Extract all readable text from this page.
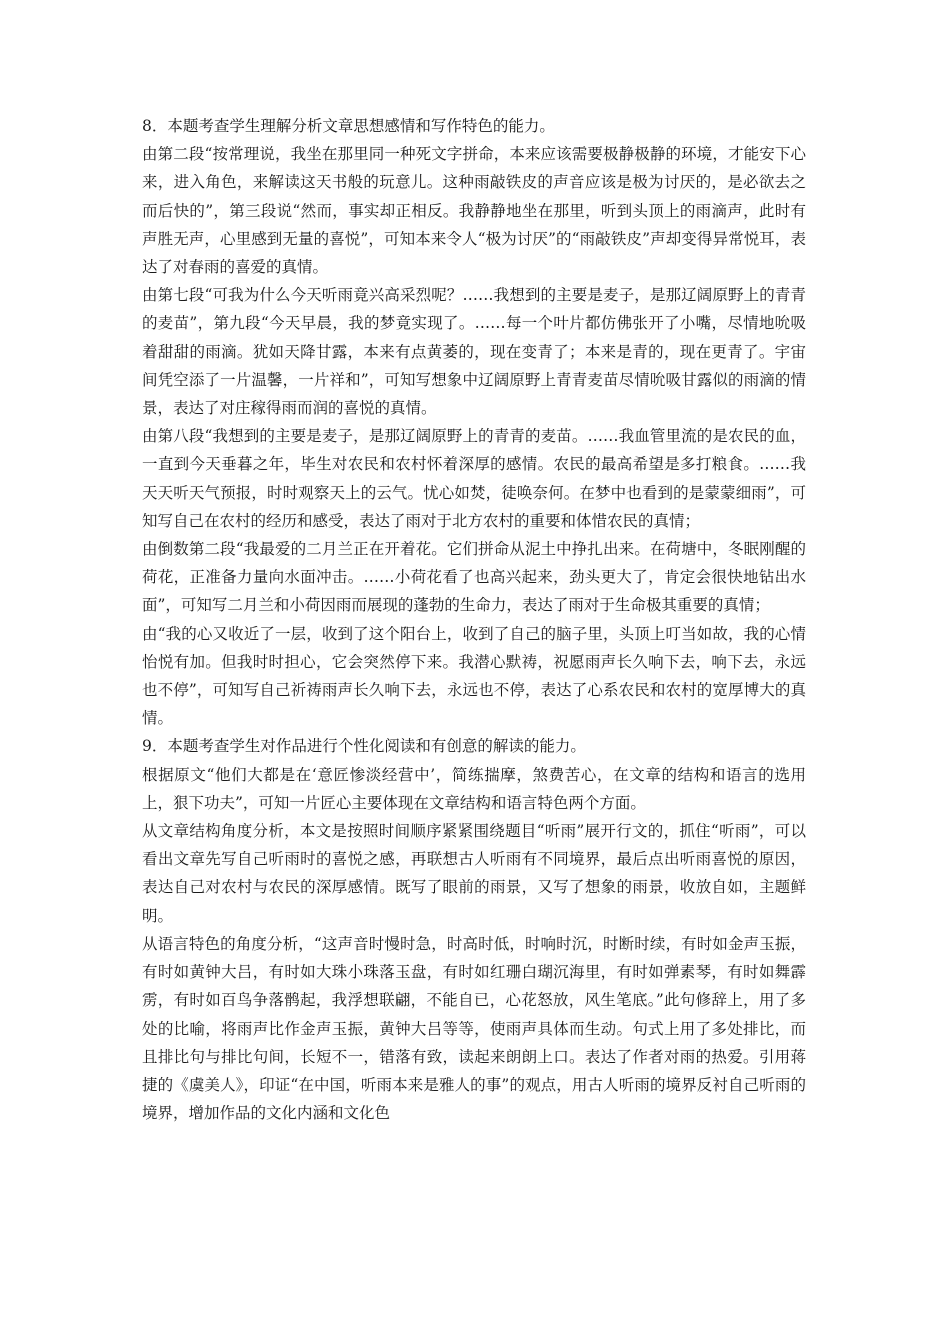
8．本题考查学生理解分析文章思想感情和写作特色的能力。

由第二段“按常理说，我坐在那里同一种死文字拼命，本来应该需要极静极静的环境，才能安下心来，进入角色，来解读这天书般的玩意儿。这种雨敲铁皮的声音应该是极为讨厌的，是必欲去之而后快的”，第三段说“然而，事实却正相反。我静静地坐在那里，听到头顶上的雨滴声，此时有声胜无声，心里感到无量的喜悦”，可知本来令人“极为讨厌”的“雨敲铁皮”声却变得异常悦耳，表达了对春雨的喜爱的真情。

由第七段“可我为什么今天听雨竟兴高采烈呢？……我想到的主要是麦子，是那辽阔原野上的青青的麦苗”，第九段“今天早晨，我的梦竟实现了。……每一个叶片都仿佛张开了小嘴，尽情地吮吸着甜甜的雨滴。犹如天降甘露，本来有点黄萎的，现在变青了；本来是青的，现在更青了。宇宙间凭空添了一片温馨，一片祥和”，可知写想象中辽阔原野上青青麦苗尽情吮吸甘露似的雨滴的情景，表达了对庄稼得雨而润的喜悦的真情。

由第八段“我想到的主要是麦子，是那辽阔原野上的青青的麦苗。……我血管里流的是农民的血，一直到今天垂暮之年，毕生对农民和农村怀着深厚的感情。农民的最高希望是多打粮食。……我天天听天气预报，时时观察天上的云气。忧心如焚，徒唤奈何。在梦中也看到的是蒙蒙细雨”，可知写自己在农村的经历和感受，表达了雨对于北方农村的重要和体惜农民的真情；

由倒数第二段“我最爱的二月兰正在开着花。它们拼命从泥土中挣扎出来。在荷塘中，冬眠刚醒的荷花，正准备力量向水面冲击。……小荷花看了也高兴起来，劲头更大了，肯定会很快地钻出水面”，可知写二月兰和小荷因雨而展现的蓬勃的生命力，表达了雨对于生命极其重要的真情；

由“我的心又收近了一层，收到了这个阳台上，收到了自己的脑子里，头顶上叮当如故，我的心情怡悦有加。但我时时担心，它会突然停下来。我潜心默祷，祝愿雨声长久响下去，响下去，永远也不停”，可知写自己祈祷雨声长久响下去，永远也不停，表达了心系农民和农村的宽厚博大的真情。

9．本题考查学生对作品进行个性化阅读和有创意的解读的能力。

根据原文“他们大都是在‘意匠惨淡经营中’，简练揣摩，煞费苦心，在文章的结构和语言的选用上，狠下功夫”，可知一片匠心主要体现在文章结构和语言特色两个方面。

从文章结构角度分析，本文是按照时间顺序紧紧围绕题目“听雨”展开行文的，抓住“听雨”，可以看出文章先写自己听雨时的喜悦之感，再联想古人听雨有不同境界，最后点出听雨喜悦的原因，表达自己对农村与农民的深厚感情。既写了眼前的雨景，又写了想象的雨景，收放自如，主题鲜明。

从语言特色的角度分析，“这声音时慢时急，时高时低，时响时沉，时断时续，有时如金声玉振，有时如黄钟大吕，有时如大珠小珠落玉盘，有时如红珊白瑚沉海里，有时如弹素琴，有时如舞霹雳，有时如百鸟争落鹘起，我浮想联翩，不能自已，心花怒放，风生笔底。”此句修辞上，用了多处的比喻，将雨声比作金声玉振，黄钟大吕等等，使雨声具体而生动。句式上用了多处排比，而且排比句与排比句间，长短不一，错落有致，读起来朗朗上口。表达了作者对雨的热爱。引用蒋捷的《虞美人》，印证“在中国，听雨本来是雅人的事”的观点，用古人听雨的境界反衬自己听雨的境界，增加作品的文化内涵和文化色
